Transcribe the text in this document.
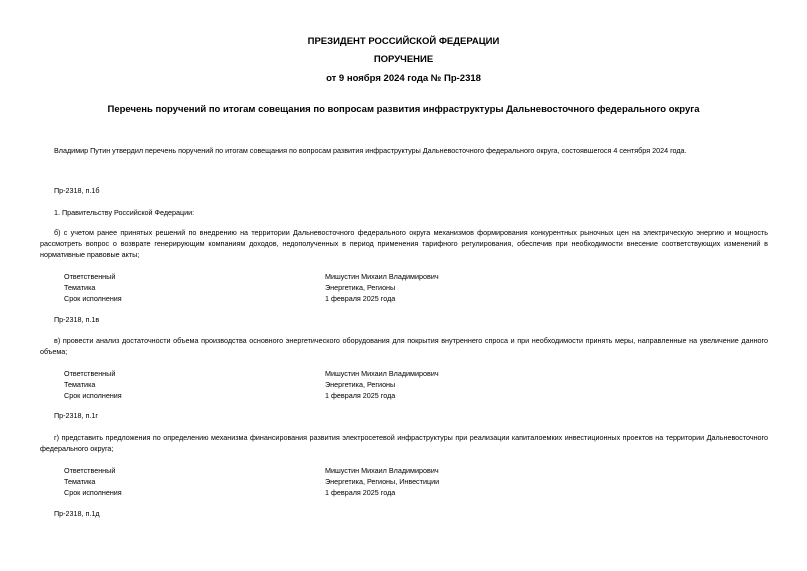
ПРЕЗИДЕНТ РОССИЙСКОЙ ФЕДЕРАЦИИ
ПОРУЧЕНИЕ
от 9 ноября 2024 года № Пр-2318
Перечень поручений по итогам совещания по вопросам развития инфраструктуры Дальневосточного федерального округа
Владимир Путин утвердил перечень поручений по итогам совещания по вопросам развития инфраструктуры Дальневосточного федерального округа, состоявшегося 4 сентября 2024 года.
Пр-2318, п.1б
1. Правительству Российской Федерации:
б) с учетом ранее принятых решений по внедрению на территории Дальневосточного федерального округа механизмов формирования конкурентных рыночных цен на электрическую энергию и мощность рассмотреть вопрос о возврате генерирующим компаниям доходов, недополученных в период применения тарифного регулирования, обеспечив при необходимости внесение соответствующих изменений в нормативные правовые акты;
Ответственный	Мишустин Михаил Владимирович
Тематика	Энергетика, Регионы
Срок исполнения	1 февраля 2025 года
Пр-2318, п.1в
в) провести анализ достаточности объема производства основного энергетического оборудования для покрытия внутреннего спроса и при необходимости принять меры, направленные на увеличение данного объема;
Ответственный	Мишустин Михаил Владимирович
Тематика	Энергетика, Регионы
Срок исполнения	1 февраля 2025 года
Пр-2318, п.1г
г) представить предложения по определению механизма финансирования развития электросетевой инфраструктуры при реализации капиталоемких инвестиционных проектов на территории Дальневосточного федерального округа;
Ответственный	Мишустин Михаил Владимирович
Тематика	Энергетика, Регионы, Инвестиции
Срок исполнения	1 февраля 2025 года
Пр-2318, п.1д
